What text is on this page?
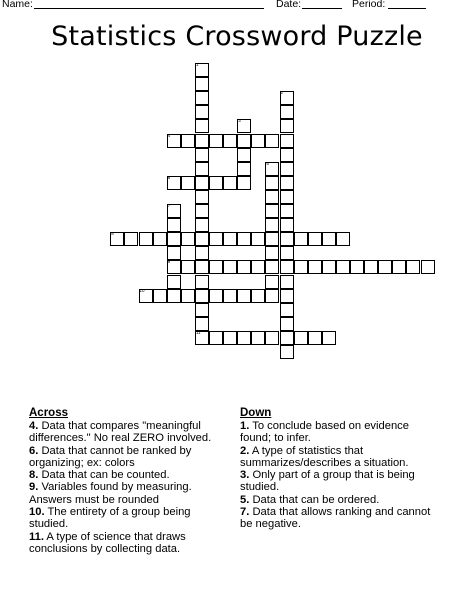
Name:	Date:	Period:
Statistics Crossword Puzzle
1
2
3
4
5
6
7
9
8
10
11
Across

4. Data that compares "meaningful differences." No real ZERO involved.

6. Data that cannot be ranked by organizing; ex: colors

8. Data that can be counted.

9. Variables found by measuring. Answers must be rounded

10. The entirety of a group being studied.

11. A type of science that draws conclusions by collecting data.

Down

1. To conclude based on evidence found; to infer.

2. A type of statistics that summarizes/describes a situation.

3. Only part of a group that is being studied.

5. Data that can be ordered.

7. Data that allows ranking and cannot be negative.
